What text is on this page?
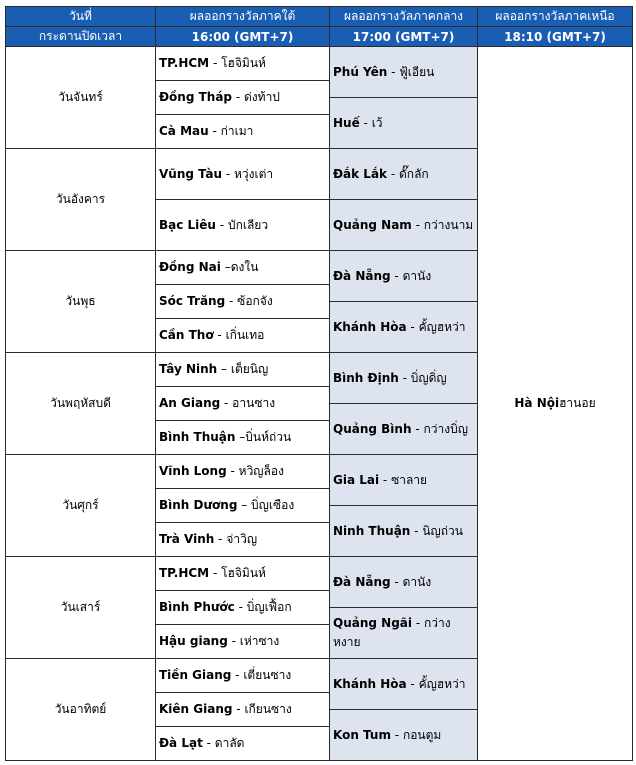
วันที่	ผลออกรางวัลภาคใต้	ผลออกรางวัลภาคกลาง	ผลออกรางวัลภาคเหนือ
กระดานปิดเวลา	16:00 (GMT+7)	17:00 (GMT+7)	18:10 (GMT+7)
วันจันทร์	TP.HCM - โฮจิมินห์	Phú Yên - ฟู้เอียน	Hà Nộiฮานอย

	Đồng Tháp - ด่งท้าป		
		Huế - เว้	
	Cà Mau - ก่าเมา		

วันอังคาร	Vũng Tàu - หวุ่งเต่า	Đắk Lắk - ดั๊กลัก	

	Bạc Liêu - บักเลียว	Quảng Nam - กว่างนาม	

วันพุธ	Đồng Nai –ดงใน	Đà Nẵng - ดานัง	

	Sóc Trăng - ซ้อกจัง		
		Khánh Hòa - คั้ญฮหว่า	
	Cần Thơ - เกิ่นเทอ		

วันพฤหัสบดี	Tây Ninh – เต็ยนิญ	Bình Định - บิ่ญดิ่ญ	

	An Giang - อานซาง		
		Quảng Bình - กว่างบิ่ญ	
	Bình Thuận –บิ่นห์ถ่วน		

วันศุกร์	Vĩnh Long - หวิญล็อง	Gia Lai - ซาลาย	

	Bình Dương – บิ่ญเซือง		
		Ninh Thuận - นิญถ่วน	
	Trà Vinh - จ่าวิญ		

วันเสาร์	TP.HCM - โฮจิมินห์	Đà Nẵng - ดานัง	

	Bình Phước - บิ่ญเฟื้อก		
		Quảng Ngãi - กว่างหงาย	
	Hậu giang - เห่าซาง		

วันอาทิตย์	Tiền Giang - เตี่ยนซาง	Khánh Hòa - คั้ญฮหว่า	

	Kiên Giang - เกียนซาง		
		Kon Tum - กอนตูม	
	Đà Lạt - ดาลัด		
